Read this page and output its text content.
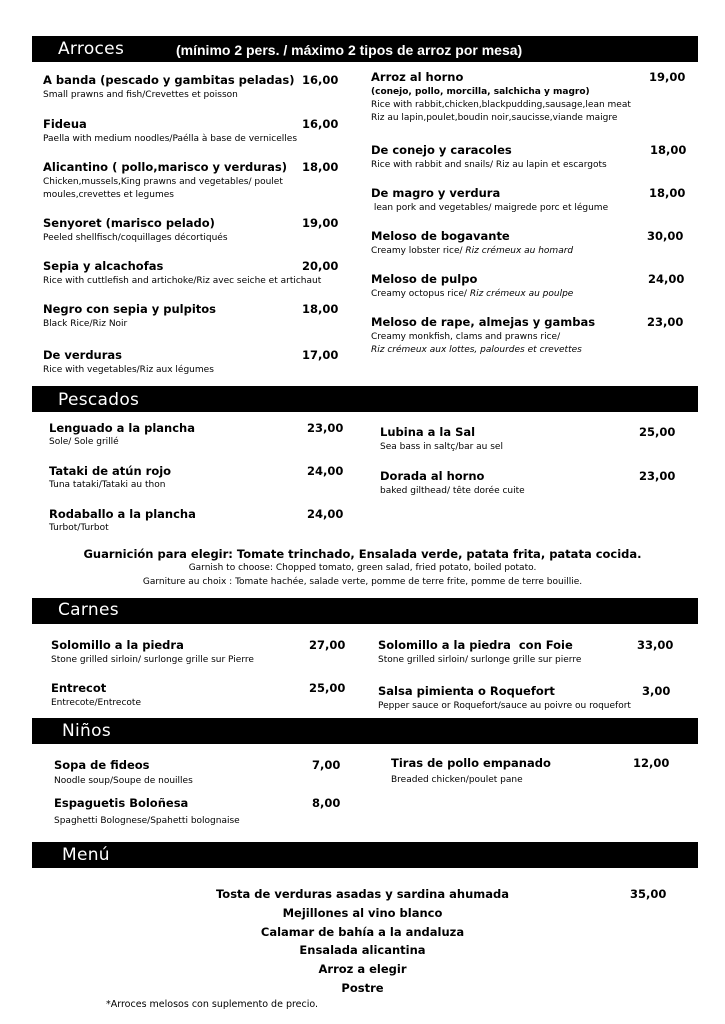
Arroces	(mínimo 2 pers. / máximo 2 tipos de arroz por mesa)
A banda (pescado y gambitas peladas) 16,00
Small prawns and fish/Crevettes et poisson
Fideua	16,00
Paella with medium noodles/Paélla à base de vernicelles
Alicantino ( pollo,marisco y verduras) 18,00
Chicken,mussels,King prawns and vegetables/ poulet
moules,crevettes et legumes
Senyoret (marisco pelado)	19,00
Peeled shellfisch/coquillages décortiqués
Sepia y alcachofas	20,00
Rice with cuttlefish and artichoke/Riz avec seiche et artichaut
Negro con sepia y pulpitos	18,00
Black Rice/Riz Noir
De verduras	17,00
Rice with vegetables/Riz aux légumes
Arroz al horno	19,00
(conejo, pollo, morcilla, salchicha y magro)
Rice with rabbit,chicken,blackpudding,sausage,lean meat
Riz au lapin,poulet,boudin noir,saucisse,viande maigre
De conejo y caracoles	18,00
Rice with rabbit and snails/ Riz au lapin et escargots
De magro y verdura	18,00
lean pork and vegetables/ maigrede porc et légume
Meloso de bogavante	30,00
Creamy lobster rice/ Riz crémeux au homard
Meloso de pulpo	24,00
Creamy octopus rice/ Riz crémeux au poulpe
Meloso de rape, almejas y gambas	23,00
Creamy monkfish, clams and prawns rice/
Riz crémeux aux lottes, palourdes et crevettes
Pescados
Lenguado a la plancha	23,00
Sole/ Sole grillé
Tataki de atún rojo	24,00
Tuna tataki/Tataki au thon
Rodaballo a la plancha	24,00
Turbot/Turbot
Lubina a la Sal	25,00
Sea bass in saltç/bar au sel
Dorada al horno	23,00
baked gilthead/ tête dorée cuite
Guarnición para elegir: Tomate trinchado, Ensalada verde, patata frita, patata cocida.
Garnish to choose: Chopped tomato, green salad, fried potato, boiled potato.
Garniture au choix : Tomate hachée, salade verte, pomme de terre frite, pomme de terre bouillie.
Carnes
Solomillo a la piedra	27,00
Stone grilled sirloin/ surlonge grille sur Pierre
Entrecot	25,00
Entrecote/Entrecote
Solomillo a la piedra  con Foie	33,00
Stone grilled sirloin/ surlonge grille sur pierre
Salsa pimienta o Roquefort	3,00
Pepper sauce or Roquefort/sauce au poivre ou roquefort
Niños
Sopa de fideos	7,00
Noodle soup/Soupe de nouilles
Espaguetis Boloñesa	8,00
Spaghetti Bolognese/Spahetti bolognaise
Tiras de pollo empanado	12,00
Breaded chicken/poulet pane
Menú
Tosta de verduras asadas y sardina ahumada	35,00
Mejillones al vino blanco
Calamar de bahía a la andaluza
Ensalada alicantina
Arroz a elegir
Postre
*Arroces melosos con suplemento de precio.
